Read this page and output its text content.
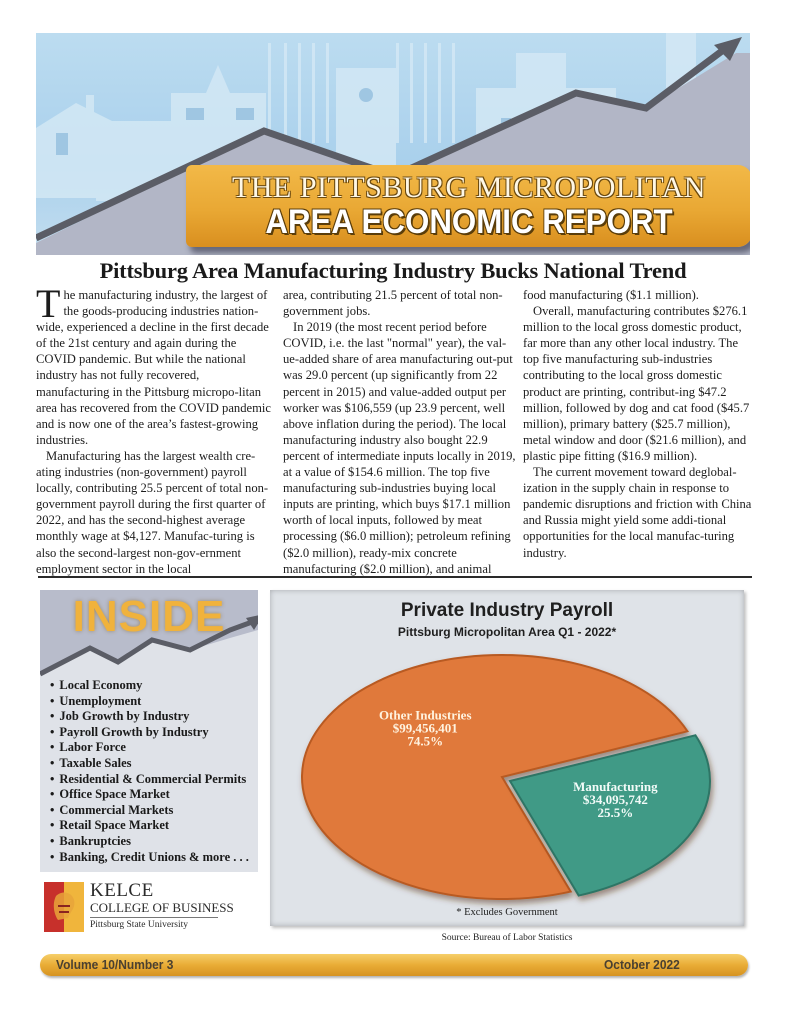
THE PITTSBURG MICROPOLITAN
AREA ECONOMIC REPORT
Pittsburg Area Manufacturing Industry Bucks National Trend

The manufacturing industry, the largest of the goods-producing industries nation-wide, experienced a decline in the first decade of the 21st century and again during the COVID pandemic. But while the national industry has not fully recovered, manufacturing in the Pittsburg micropo-litan area has recovered from the COVID pandemic and is now one of the area’s fastest-growing industries.

Manufacturing has the largest wealth cre-ating industries (non-government) payroll locally, contributing 25.5 percent of total non-government payroll during the first quarter of 2022, and has the second-highest average monthly wage at $4,127. Manufac-turing is also the second-largest non-gov-ernment employment sector in the local

area, contributing 21.5 percent of total non-government jobs.

In 2019 (the most recent period before COVID, i.e. the last "normal" year), the val-ue-added share of area manufacturing out-put was 29.0 percent (up significantly from 22 percent in 2015) and value-added output per worker was $106,559 (up 23.9 percent, well above inflation during the period). The local manufacturing industry also bought 22.9 percent of intermediate inputs locally in 2019, at a value of $154.6 million. The top five manufacturing sub-industries buying local inputs are printing, which buys $17.1 million worth of local inputs, followed by meat processing ($6.0 million); petroleum refining ($2.0 million), ready-mix concrete manufacturing ($2.0 million), and animal

food manufacturing ($1.1 million).

Overall, manufacturing contributes $276.1 million to the local gross domestic product, far more than any other local industry. The top five manufacturing sub-industries contributing to the local gross domestic product are printing, contribut-ing $47.2 million, followed by dog and cat food ($45.7 million), primary battery ($25.7 million), metal window and door ($21.6 million), and plastic pipe fitting ($16.9 million).

The current movement toward deglobal-ization in the supply chain in response to pandemic disruptions and friction with China and Russia might yield some addi-tional opportunities for the local manufac-turing industry.

INSIDE
• Local Economy
• Unemployment
• Job Growth by Industry
• Payroll Growth by Industry
• Labor Force
• Taxable Sales
• Residential & Commercial Permits
• Office Space Market
• Commercial Markets
• Retail Space Market
• Bankruptcies
• Banking, Credit Unions & more . . .
KELCE
COLLEGE OF BUSINESS
Pittsburg State University
Private Industry Payroll
Pittsburg Micropolitan Area Q1 - 2022*
Other Industries
$99,456,401
74.5%
Manufacturing
$34,095,742
25.5%
* Excludes Government
Source: Bureau of Labor Statistics
Volume 10/Number 3	October 2022
